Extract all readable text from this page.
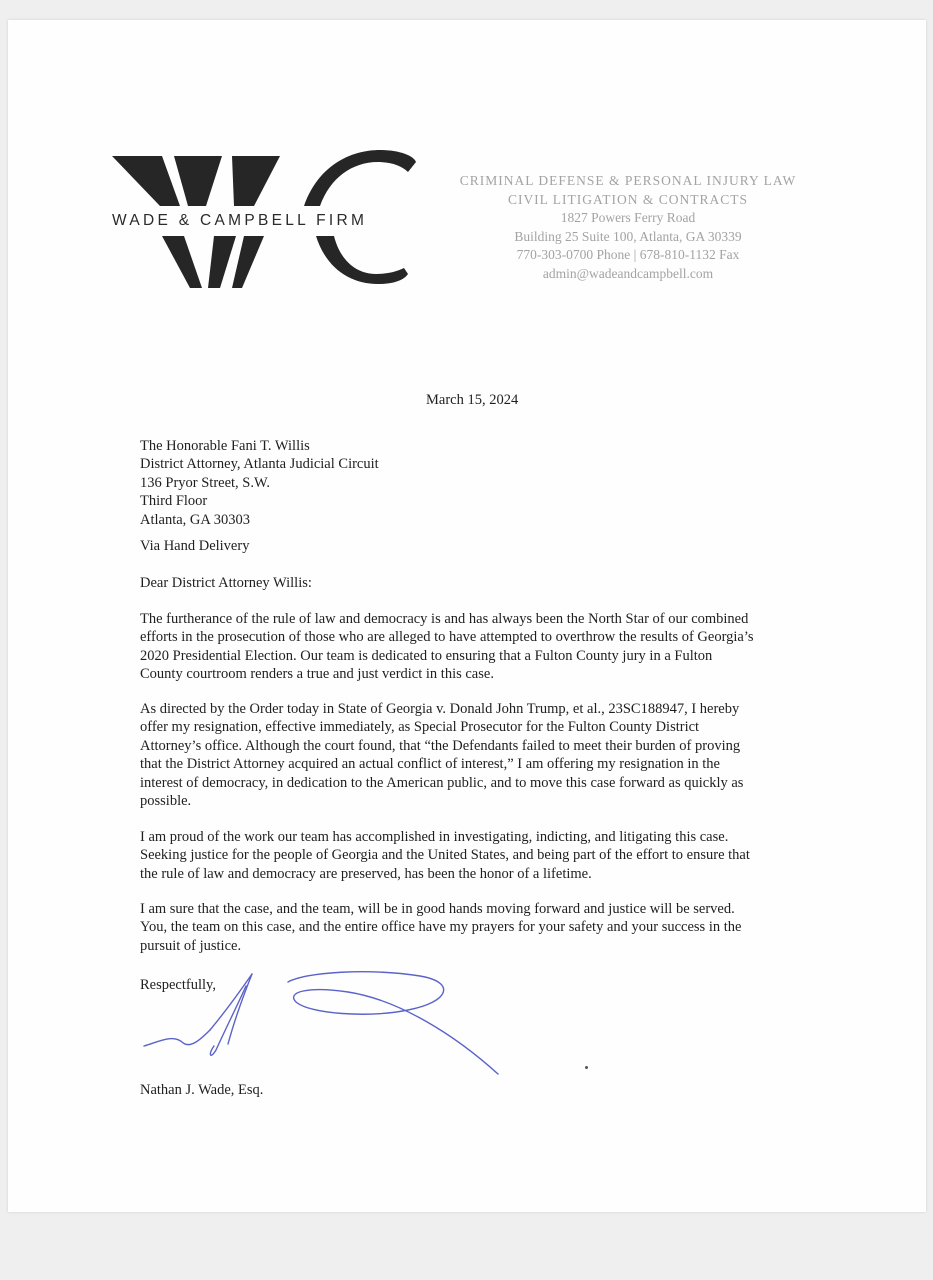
WADE & CAMPBELL FIRM
CRIMINAL DEFENSE & PERSONAL INJURY LAW
CIVIL LITIGATION & CONTRACTS
1827 Powers Ferry Road
Building 25 Suite 100, Atlanta, GA 30339
770-303-0700 Phone | 678-810-1132 Fax
admin@wadeandcampbell.com
March 15, 2024
The Honorable Fani T. Willis
District Attorney, Atlanta Judicial Circuit
136 Pryor Street, S.W.
Third Floor
Atlanta, GA 30303
Via Hand Delivery
Dear District Attorney Willis:
The furtherance of the rule of law and democracy is and has always been the North Star of our combined
efforts in the prosecution of those who are alleged to have attempted to overthrow the results of Georgia’s
2020 Presidential Election. Our team is dedicated to ensuring that a Fulton County jury in a Fulton
County courtroom renders a true and just verdict in this case.
As directed by the Order today in State of Georgia v. Donald John Trump, et al., 23SC188947, I hereby
offer my resignation, effective immediately, as Special Prosecutor for the Fulton County District
Attorney’s office. Although the court found, that “the Defendants failed to meet their burden of proving
that the District Attorney acquired an actual conflict of interest,” I am offering my resignation in the
interest of democracy, in dedication to the American public, and to move this case forward as quickly as
possible.
I am proud of the work our team has accomplished in investigating, indicting, and litigating this case.
Seeking justice for the people of Georgia and the United States, and being part of the effort to ensure that
the rule of law and democracy are preserved, has been the honor of a lifetime.
I am sure that the case, and the team, will be in good hands moving forward and justice will be served.
You, the team on this case, and the entire office have my prayers for your safety and your success in the
pursuit of justice.
Respectfully,
Nathan J. Wade, Esq.
